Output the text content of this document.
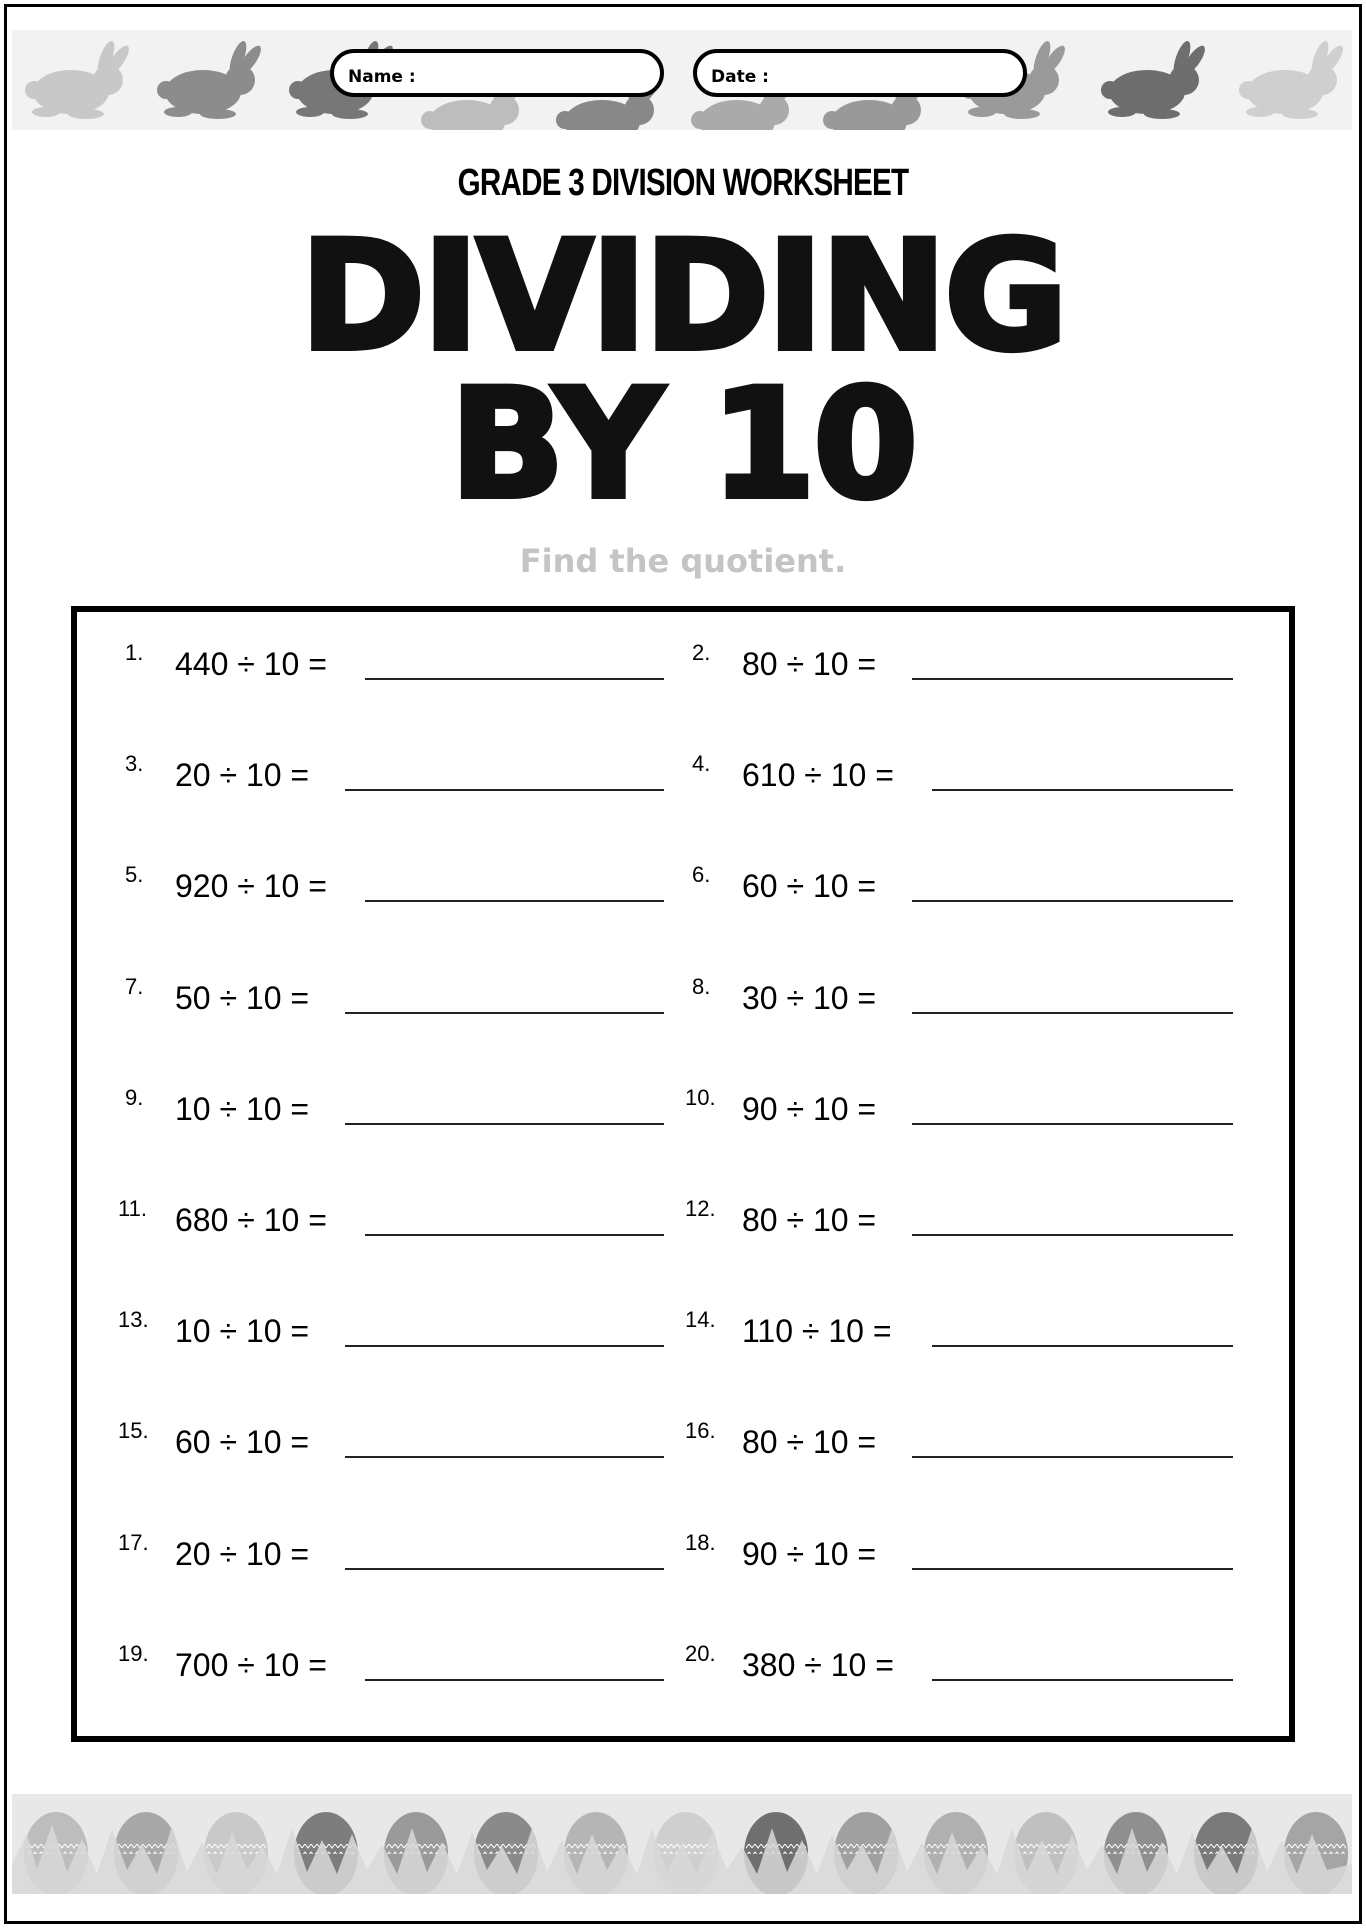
Name :	Date :
GRADE 3 DIVISION WORKSHEET
DIVIDING
BY 10
Find the quotient.
1. 440 ÷ 10 =	2. 80 ÷ 10 =
3. 20 ÷ 10 =	4. 610 ÷ 10 =
5. 920 ÷ 10 =	6. 60 ÷ 10 =
7. 50 ÷ 10 =	8. 30 ÷ 10 =
9. 10 ÷ 10 =	10. 90 ÷ 10 =
11. 680 ÷ 10 =	12. 80 ÷ 10 =
13. 10 ÷ 10 =	14. 110 ÷ 10 =
15. 60 ÷ 10 =	16. 80 ÷ 10 =
17. 20 ÷ 10 =	18. 90 ÷ 10 =
19. 700 ÷ 10 =	20. 380 ÷ 10 =
